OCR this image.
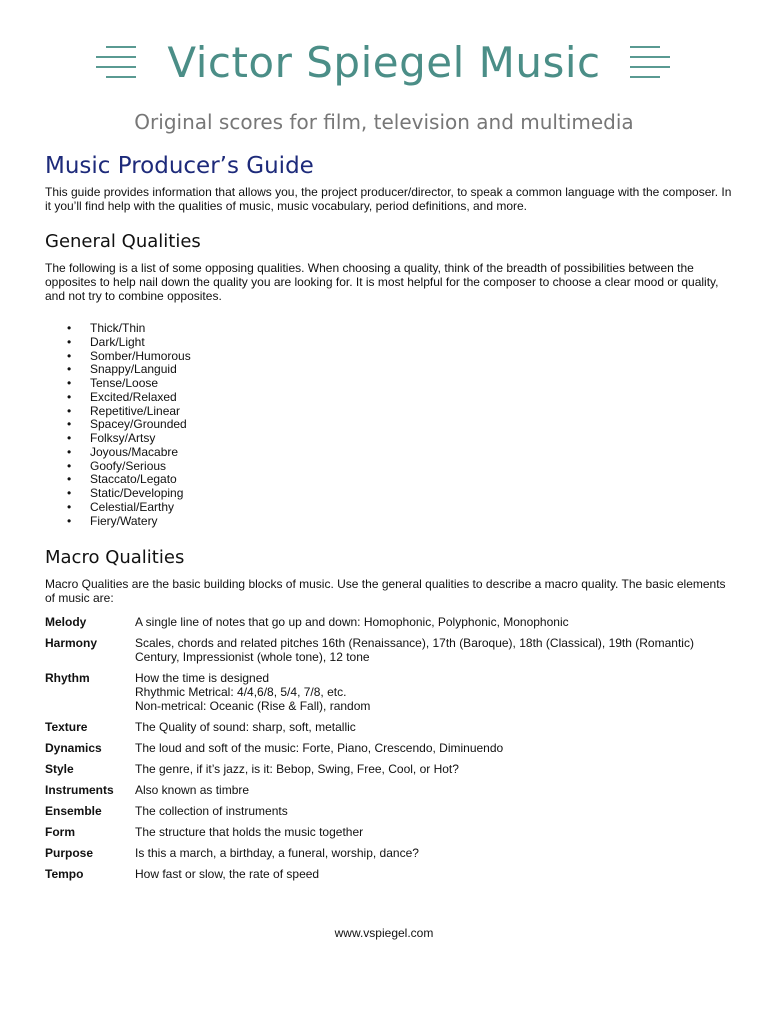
Victor Spiegel Music
Original scores for film, television and multimedia
Music Producer’s Guide

This guide provides information that allows you, the project producer/director, to speak a common language with the composer. In it you’ll find help with the qualities of music, music vocabulary, period definitions, and more.

General Qualities

The following is a list of some opposing qualities. When choosing a quality, think of the breadth of possibilities between the opposites to help nail down the quality you are looking for. It is most helpful for the composer to choose a clear mood or quality, and not try to combine opposites.

• Thick/Thin
• Dark/Light
• Somber/Humorous
• Snappy/Languid
• Tense/Loose
• Excited/Relaxed
• Repetitive/Linear
• Spacey/Grounded
• Folksy/Artsy
• Joyous/Macabre
• Goofy/Serious
• Staccato/Legato
• Static/Developing
• Celestial/Earthy
• Fiery/Watery
Macro Qualities

Macro Qualities are the basic building blocks of music. Use the general qualities to describe a macro quality. The basic elements of music are:

Melody	A single line of notes that go up and down: Homophonic, Polyphonic, Monophonic

Harmony	Scales, chords and related pitches 16th (Renaissance), 17th (Baroque), 18th (Classical), 19th (Romantic)
Century, Impressionist (whole tone), 12 tone

Rhythm	How the time is designed
Rhythmic Metrical: 4/4,6/8, 5/4, 7/8, etc.
Non-metrical: Oceanic (Rise & Fall), random

Texture	The Quality of sound: sharp, soft, metallic

Dynamics	The loud and soft of the music: Forte, Piano, Crescendo, Diminuendo

Style	The genre, if it’s jazz, is it: Bebop, Swing, Free, Cool, or Hot?

Instruments	Also known as timbre

Ensemble	The collection of instruments

Form	The structure that holds the music together

Purpose	Is this a march, a birthday, a funeral, worship, dance?

Tempo	How fast or slow, the rate of speed
www.vspiegel.com
